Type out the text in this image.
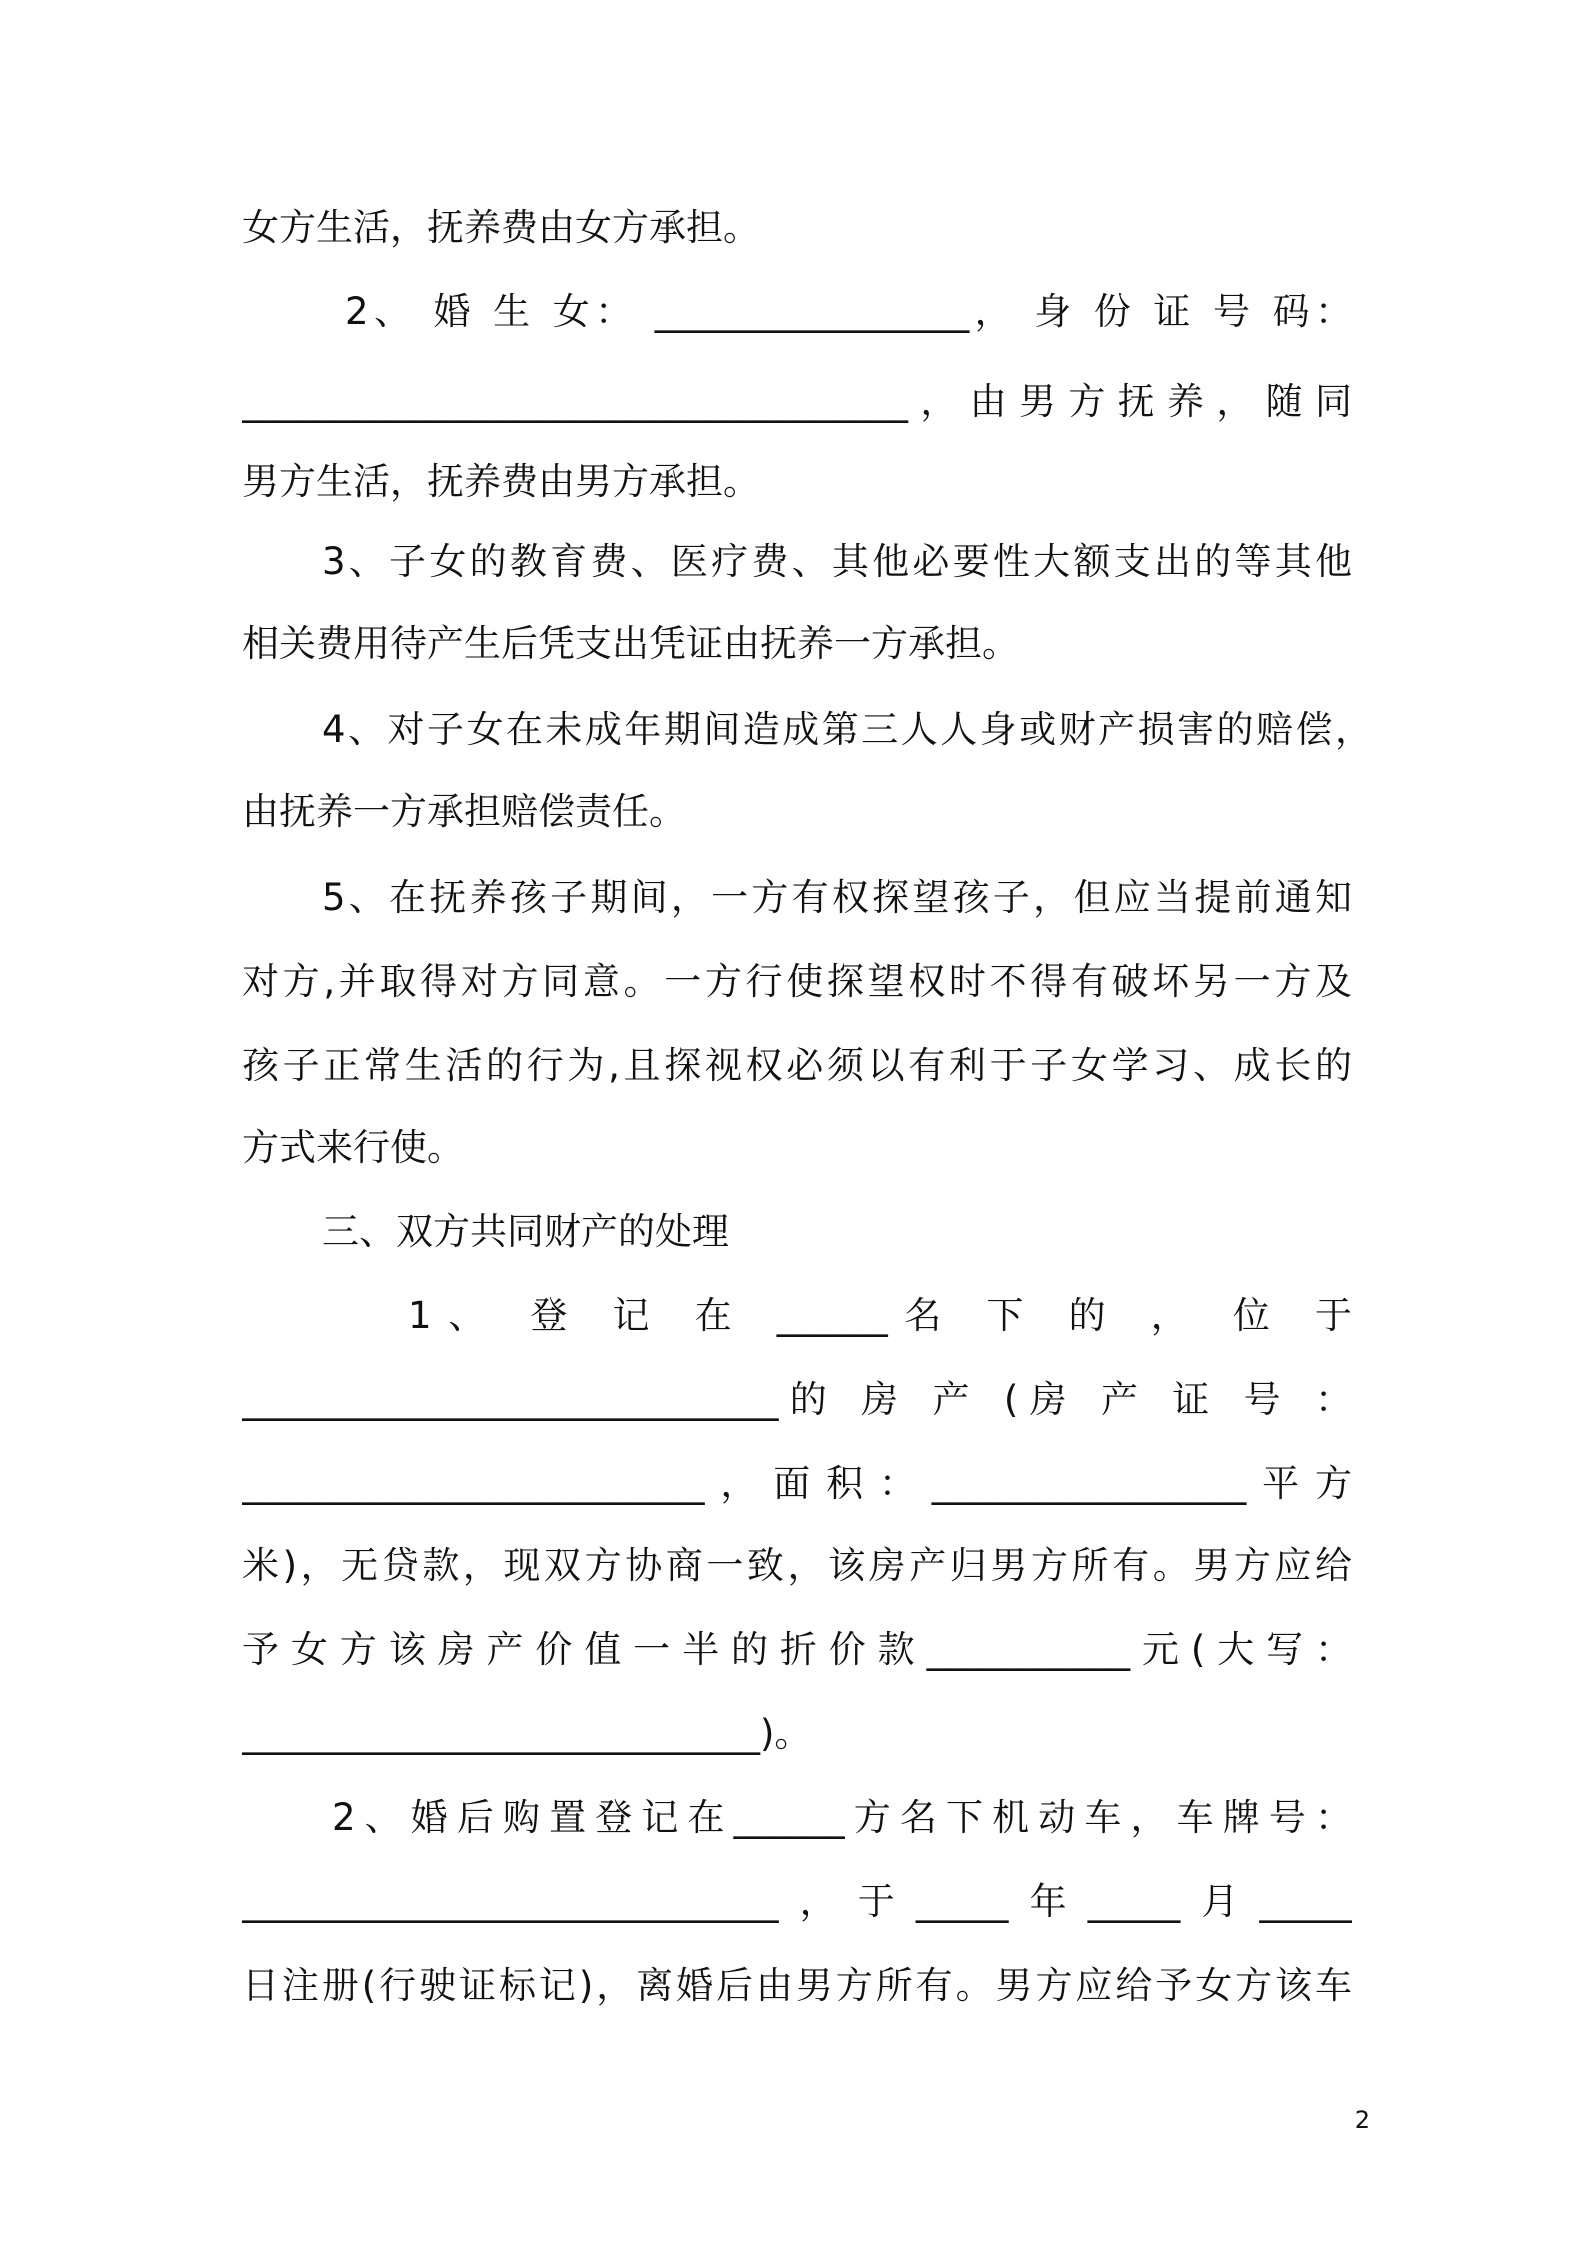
女方生活，抚养费由女方承担。
2、 婚 生 女： _________________， 身 份 证 号 码：
____________________________________，由男方抚养，随同
男方生活，抚养费由男方承担。
3、子女的教育费、医疗费、其他必要性大额支出的等其他
相关费用待产生后凭支出凭证由抚养一方承担。
4、对子女在未成年期间造成第三人人身或财产损害的赔偿，
由抚养一方承担赔偿责任。
5、在抚养孩子期间，一方有权探望孩子，但应当提前通知
对方,并取得对方同意。一方行使探望权时不得有破坏另一方及
孩子正常生活的行为,且探视权必须以有利于子女学习、成长的
方式来行使。
三、双方共同财产的处理
1、 登 记 在 ______名 下 的 ， 位 于
_____________________________的 房 产 (房 产 证 号 ：
_________________________，面积：_________________平方
米)，无贷款，现双方协商一致，该房产归男方所有。男方应给
予女方该房产价值一半的折价款___________元(大写：
____________________________)。
2、婚后购置登记在______方名下机动车，车牌号：
_____________________________，于_____年_____月_____
日注册(行驶证标记)，离婚后由男方所有。男方应给予女方该车
2
